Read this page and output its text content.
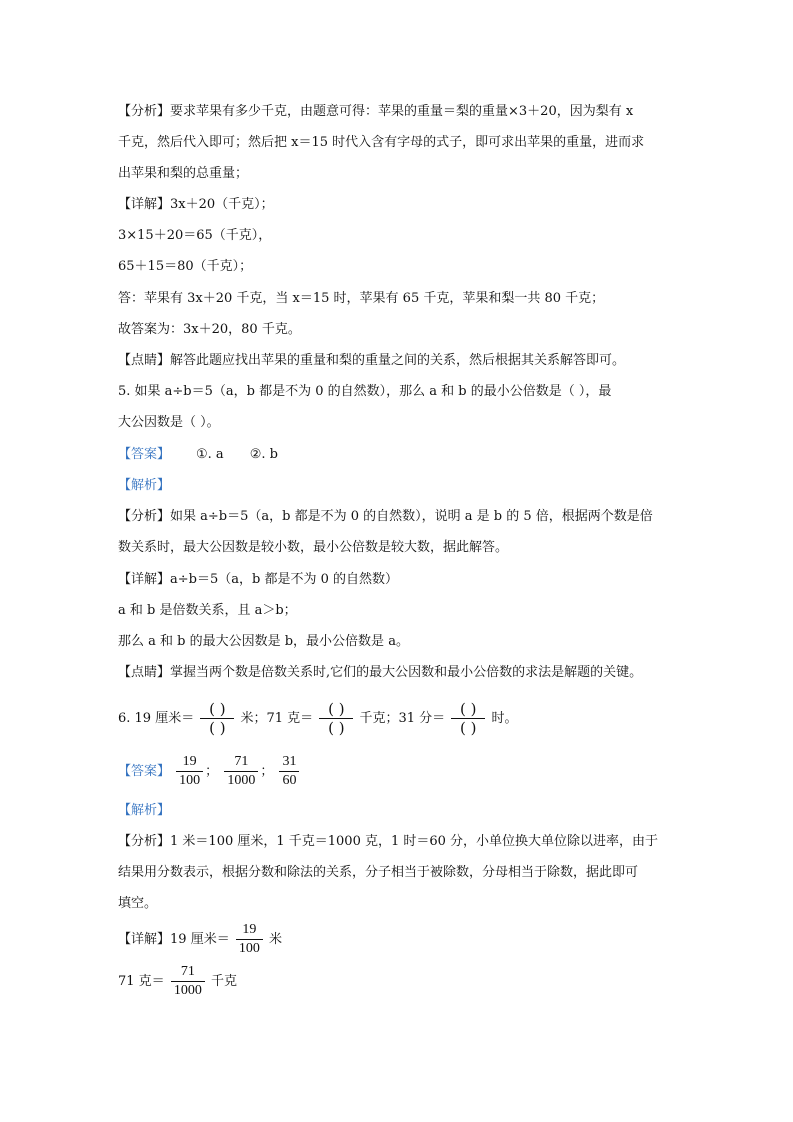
【分析】要求苹果有多少千克，由题意可得：苹果的重量＝梨的重量×3＋20，因为梨有 x
千克，然后代入即可；然后把 x＝15 时代入含有字母的式子，即可求出苹果的重量，进而求
出苹果和梨的总重量；
【详解】3x＋20（千克）；
3×15＋20＝65（千克），
65＋15＝80（千克）；
答：苹果有 3x＋20 千克，当 x＝15 时，苹果有 65 千克，苹果和梨一共 80 千克；
故答案为：3x＋20，80 千克。
【点睛】解答此题应找出苹果的重量和梨的重量之间的关系，然后根据其关系解答即可。
5. 如果 a÷b＝5（a，b 都是不为 0 的自然数），那么 a 和 b 的最小公倍数是（ ），最
大公因数是（ ）。
【答案】 ①. a ②. b
【解析】
【分析】如果 a÷b＝5（a，b 都是不为 0 的自然数），说明 a 是 b 的 5 倍，根据两个数是倍
数关系时，最大公因数是较小数，最小公倍数是较大数，据此解答。
【详解】a÷b＝5（a，b 都是不为 0 的自然数）
a 和 b 是倍数关系，且 a＞b；
那么 a 和 b 的最大公因数是 b，最小公倍数是 a。
【点睛】掌握当两个数是倍数关系时,它们的最大公因数和最小公倍数的求法是解题的关键。
6. 19 厘米＝ $\frac{( )}{( )}$ 米；71 克＝ $\frac{( )}{( )}$ 千克；31 分＝ $\frac{( )}{( )}$ 时。
【答案】 $\frac{19}{100}$ ； $\frac{71}{1000}$ ； $\frac{31}{60}$
【解析】
【分析】1 米＝100 厘米，1 千克＝1000 克，1 时＝60 分，小单位换大单位除以进率，由于
结果用分数表示，根据分数和除法的关系，分子相当于被除数，分母相当于除数，据此即可
填空。
【详解】19 厘米＝ $\frac{19}{100}$ 米
71 克＝ $\frac{71}{1000}$ 千克
